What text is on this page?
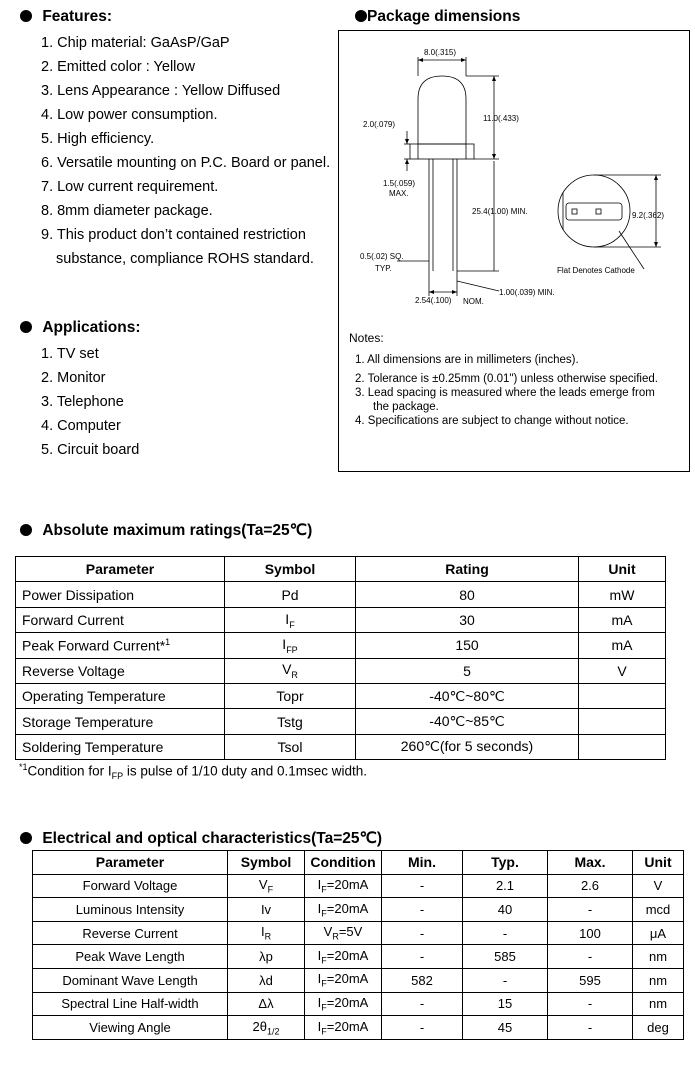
Features:
1. Chip material: GaAsP/GaP
2. Emitted color : Yellow
3. Lens Appearance : Yellow Diffused
4. Low power consumption.
5. High efficiency.
6. Versatile mounting on P.C. Board or panel.
7. Low current requirement.
8. 8mm diameter package.
9. This product don’t contained restriction
substance, compliance ROHS standard.
Applications:
1. TV set
2. Monitor
3. Telephone
4. Computer
5. Circuit board
Package dimensions
8.0(.315)
11.0(.433)
2.0(.079)
1.5(.059)
MAX.
25.4(1.00) MIN.	9.2(.362)
0.5(.02) SQ.
TYP.	Flat Denotes Cathode
1.00(.039) MIN.
2.54(.100) NOM.
Notes:
1. All dimensions are in millimeters (inches).
2. Tolerance is ±0.25mm (0.01") unless otherwise specified.
3. Lead spacing is measured where the leads emerge from
the package.
4. Specifications are subject to change without notice.
Absolute maximum ratings(Ta=25℃)
Parameter	Symbol	Rating	Unit
Power Dissipation	Pd	80	mW
Forward Current	$I_F$	30	mA
Peak Forward Current*$^1$	$I_{FP}$	150	mA
Reverse Voltage	$V_R$	5	V
Operating Temperature	Topr	-40℃~80℃	
Storage Temperature	Tstg	-40℃~85℃	
Soldering Temperature	Tsol	260℃(for 5 seconds)	
$^{*1}$Condition for $I_{FP}$ is pulse of 1/10 duty and 0.1msec width.
Electrical and optical characteristics(Ta=25℃)
Parameter	Symbol	Condition	Min.	Typ.	Max.	Unit
Forward Voltage	$V_F$	$I_F=20mA$	-	2.1	2.6	V
Luminous Intensity	Iv	$I_F=20mA$	-	40	-	mcd
Reverse Current	$I_R$	$V_R=5V$	-	-	100	μA
Peak Wave Length	λp	$I_F=20mA$	-	585	-	nm
Dominant Wave Length	λd	$I_F=20mA$	582	-	595	nm
Spectral Line Half-width	Δλ	$I_F=20mA$	-	15	-	nm
Viewing Angle	$2\theta_{1/2}$	$I_F=20mA$	-	45	-	deg
